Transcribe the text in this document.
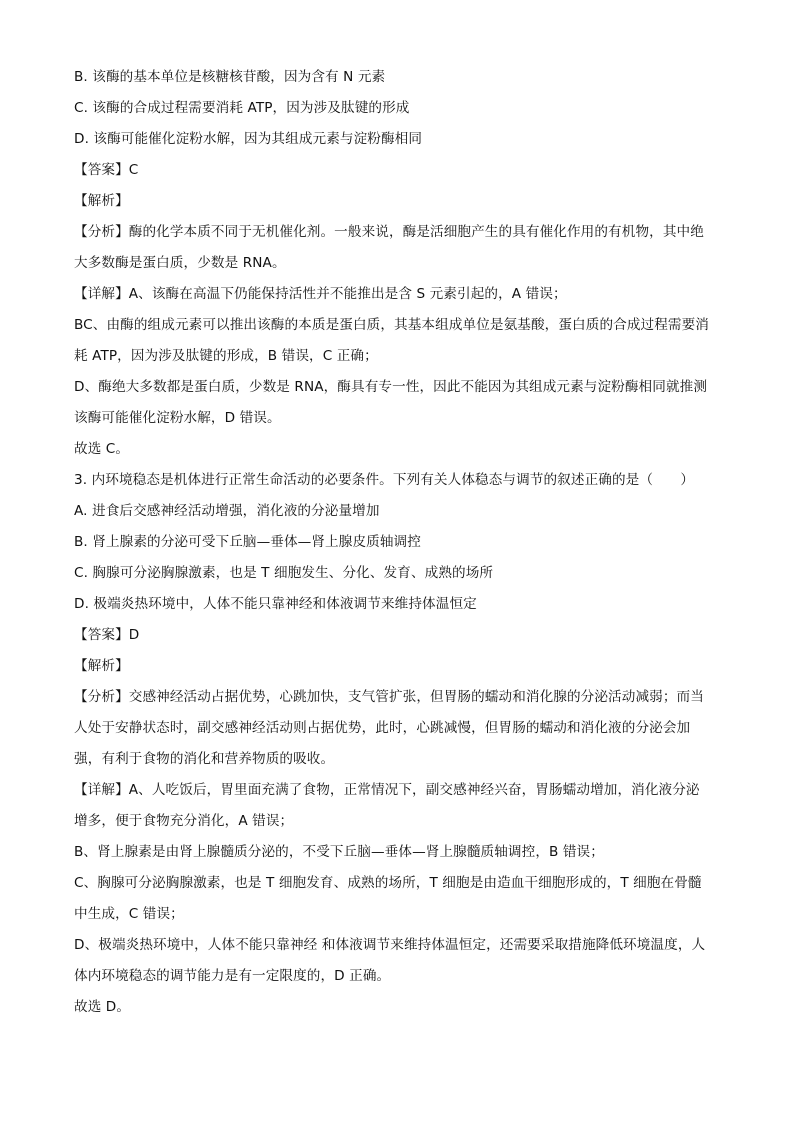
B. 该酶的基本单位是核糖核苷酸，因为含有 N 元素
C. 该酶的合成过程需要消耗 ATP，因为涉及肽键的形成
D. 该酶可能催化淀粉水解，因为其组成元素与淀粉酶相同
【答案】C
【解析】
【分析】酶的化学本质不同于无机催化剂。一般来说，酶是活细胞产生的具有催化作用的有机物，其中绝
大多数酶是蛋白质，少数是 RNA。
【详解】A、该酶在高温下仍能保持活性并不能推出是含 S 元素引起的，A 错误；
BC、由酶的组成元素可以推出该酶的本质是蛋白质，其基本组成单位是氨基酸，蛋白质的合成过程需要消
耗 ATP，因为涉及肽键的形成，B 错误，C 正确；
D、酶绝大多数都是蛋白质，少数是 RNA，酶具有专一性，因此不能因为其组成元素与淀粉酶相同就推测
该酶可能催化淀粉水解，D 错误。
故选 C。
3. 内环境稳态是机体进行正常生命活动的必要条件。下列有关人体稳态与调节的叙述正确的是（　　）
A. 进食后交感神经活动增强，消化液的分泌量增加
B. 肾上腺素的分泌可受下丘脑—垂体—肾上腺皮质轴调控
C. 胸腺可分泌胸腺激素，也是 T 细胞发生、分化、发育、成熟的场所
D. 极端炎热环境中，人体不能只靠神经和体液调节来维持体温恒定
【答案】D
【解析】
【分析】交感神经活动占据优势，心跳加快，支气管扩张，但胃肠的蠕动和消化腺的分泌活动减弱；而当
人处于安静状态时，副交感神经活动则占据优势，此时，心跳减慢，但胃肠的蠕动和消化液的分泌会加
强，有利于食物的消化和营养物质的吸收。
【详解】A、人吃饭后，胃里面充满了食物，正常情况下，副交感神经兴奋，胃肠蠕动增加，消化液分泌
增多，便于食物充分消化，A 错误；
B、肾上腺素是由肾上腺髓质分泌的，不受下丘脑—垂体—肾上腺髓质轴调控，B 错误；
C、胸腺可分泌胸腺激素，也是 T 细胞发育、成熟的场所，T 细胞是由造血干细胞形成的，T 细胞在骨髓
中生成，C 错误；
D、极端炎热环境中，人体不能只靠神经 和体液调节来维持体温恒定，还需要采取措施降低环境温度，人
体内环境稳态的调节能力是有一定限度的，D 正确。
故选 D。
